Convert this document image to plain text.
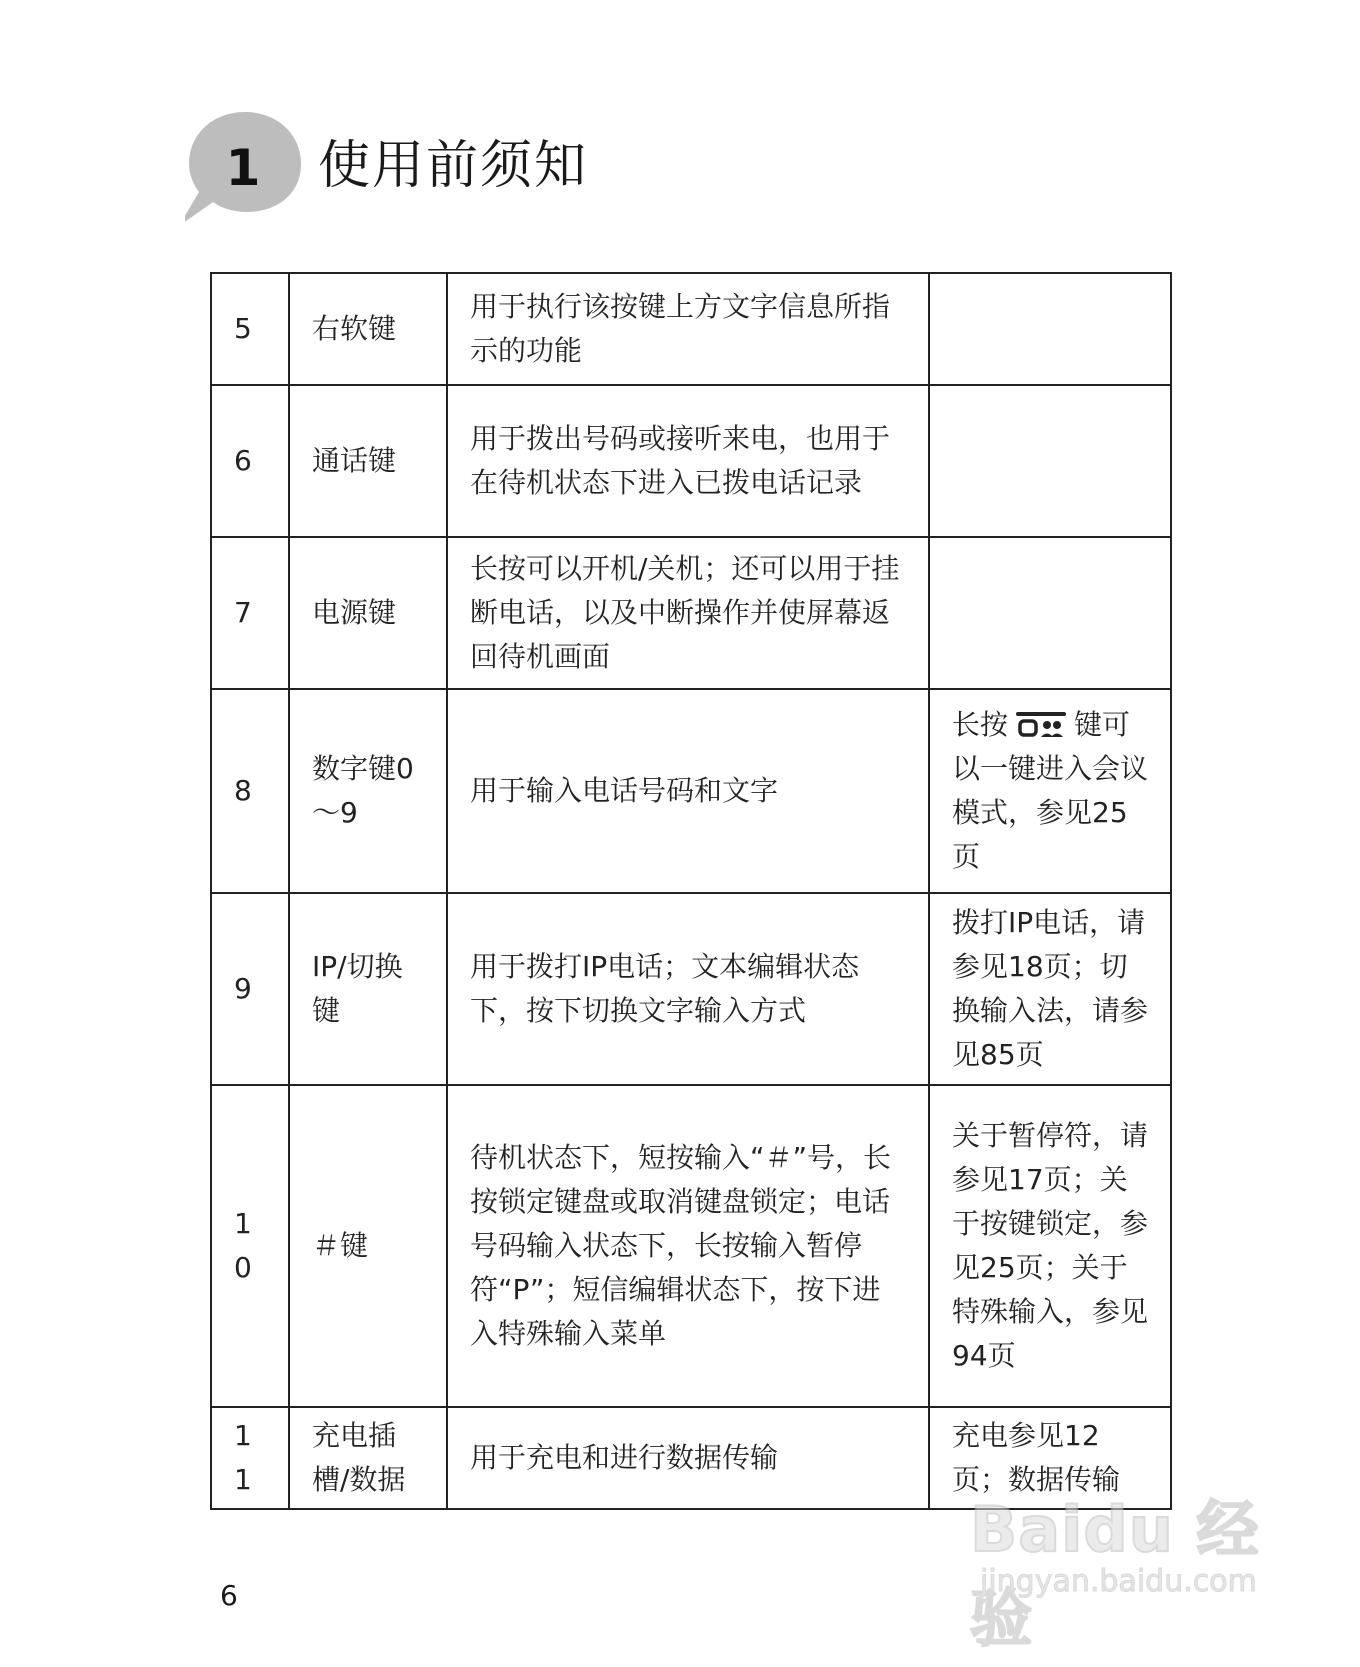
1 使用前须知
5	右软键	用于执行该按键上方文字信息所指示的功能	
6	通话键	用于拨出号码或接听来电，也用于在待机状态下进入已拨电话记录	
7	电源键	长按可以开机/关机；还可以用于挂断电话，以及中断操作并使屏幕返回待机画面	
8	数字键0～9	用于输入电话号码和文字	长按 键可以一键进入会议模式，参见25页
9	IP/切换键	用于拨打IP电话；文本编辑状态下，按下切换文字输入方式	拨打IP电话，请参见18页；切换输入法，请参见85页
10	＃键	待机状态下，短按输入“＃”号，长按锁定键盘或取消键盘锁定；电话号码输入状态下，长按输入暂停符“P”；短信编辑状态下，按下进入特殊输入菜单	关于暂停符，请参见17页；关于按键锁定，参见25页；关于特殊输入，参见94页
11	充电插槽/数据	用于充电和进行数据传输	充电参见12页；数据传输
6
Baidu 经验
jingyan.baidu.com
